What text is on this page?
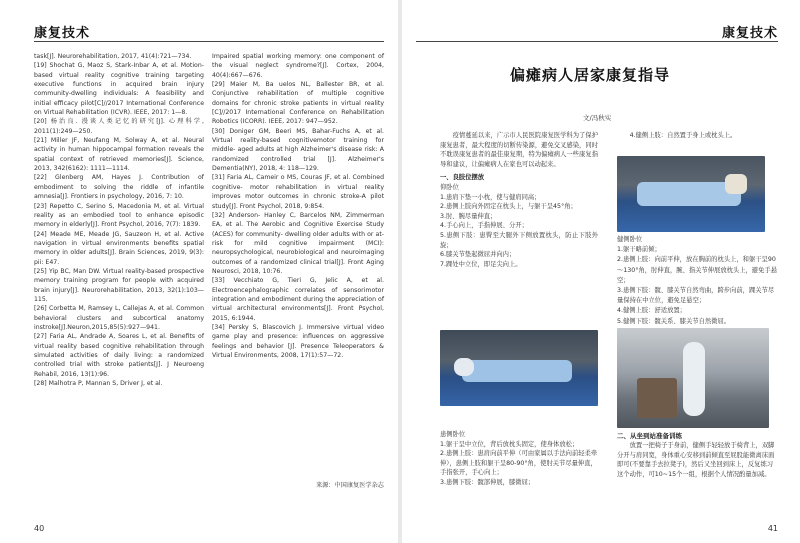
康复技术

task[J]. Neurorehabilitation, 2017, 41(4):721—734.

[19] Shochat G, Maoz S, Stark-Inbar A, et al. Motion-based virtual reality cognitive training targeting executive functions in acquired brain injury community-dwelling individuals: A feasibility and initial efficacy pilot[C]//2017 International Conference on Virtual Rehabilitation (ICVR). IEEE, 2017: 1—8.

[20] 杨治良. 漫谈人类记忆的研究[J]. 心理科学, 2011(1):249—250.

[21] Miller JF, Neufang M, Solway A, et al. Neural activity in human hippocampal formation reveals the spatial context of retrieved memories[J]. Science, 2013, 342(6162): 1111—1114.

[22] Glenberg AM, Hayes J. Contribution of embodiment to solving the riddle of infantile amnesia[J]. Frontiers in psychology, 2016, 7: 10.

[23] Repetto C, Serino S, Macedonia M, et al. Virtual reality as an embodied tool to enhance episodic memory in elderly[J]. Front Psychol, 2016, 7(7): 1839.

[24] Meade ME, Meade JG, Sauzeon H, et al. Active navigation in virtual environments benefits spatial memory in older adults[J]. Brain Sciences, 2019, 9(3): pii: E47.

[25] Yip BC, Man DW. Virtual reality-based prospective memory training program for people with acquired brain injury[J]. Neurorehabilitation, 2013, 32(1):103—115.

[26] Corbetta M, Ramsey L, Callejas A, et al. Common behavioral clusters and subcortical anatomy instroke[J].Neuron,2015,85(5):927—941.

[27] Faria AL, Andrade A, Soares L, et al. Benefits of virtual reality based cognitive rehabilitation through simulated activities of daily living: a randomized controlled trial with stroke patients[J]. J Neuroeng Rehabil, 2016, 13(1):96.

[28] Malhotra P, Mannan S, Driver J, et al.

Impaired spatial working memory: one component of the visual neglect syndrome?[J]. Cortex, 2004, 40(4):667—676.

[29] Maier M, Ba uelos NL, Ballester BR, et al. Conjunctive rehabilitation of multiple cognitive domains for chronic stroke patients in virtual reality [C]//2017 International Conference on Rehabilitation Robotics (ICORR). IEEE, 2017: 947—952.

[30] Doniger GM, Beeri MS, Bahar-Fuchs A, et al. Virtual reality-based cognitivemotor training for middle- aged adults at high Alzheimer's disease risk: A randomized controlled trial [J]. Alzheimer's Dementia(NY), 2018, 4: 118—129.

[31] Faria AL, Cameir o MS, Couras JF, et al. Combined cognitive- motor rehabilitation in virtual reality improves motor outcomes in chronic stroke-A pilot study[J]. Front Psychol, 2018, 9:854.

[32] Anderson- Hanley C, Barcelos NM, Zimmerman EA, et al. The Aerobic and Cognitive Exercise Study (ACES) for community- dwelling older adults with or at- risk for mild cognitive impairment (MCI): neuropsychological, neurobiological and neuroimaging outcomes of a randomized clinical trial[J]. Front Aging Neurosci, 2018, 10:76.

[33] Vecchiato G, Tieri G, Jelic A, et al. Electroencephalographic correlates of sensorimotor integration and embodiment during the appreciation of virtual architectural environments[J]. Front Psychol, 2015, 6:1944.

[34] Persky S, Blascovich J. Immersive virtual video game play and presence: influences on aggressive feelings and behavior [J]. Presence Teleoperators & Virtual Environments, 2008, 17(1):57—72.

来源：中国康复医学杂志
40
康复技术
偏瘫病人居家康复指导
文/冯秋实

疫情蔓延以来，广示市人民医院康复医学科为了保护康复患者，最大程度的切断传染源，避免交叉感染，同时不耽误康复患者的最佳康复期，特为偏瘫病人一些康复指导和建议，让偏瘫病人在家也可以动起来。

一、良肢位摆放

仰卧位

1.患肩下垫一小枕，使与健肩同高；

2.患侧上肢向外固定在枕头上，与躯干呈45°角；

3.肘、腕尽量伸直；

4.手心向上，手指伸展、分开；

5.患侧下肢：患臀至大腿外下侧放置枕头，防止下肢外旋；

6.膝关节垫起微屈并向内；

7.踝处中立位，即足尖向上。

患侧卧位

1.躯干呈中立位，背后放枕头固定，使身体放松；

2.患侧上肢：患肩向前平伸（可由家属以手法向前轻柔牵伸），患侧上肢和躯干呈80-90°角，使肘关节尽量伸直，手指张开，手心向上；

3.患侧下肢：髋部伸展，膝微屈；

4.健侧上肢：自然置于身上或枕头上。

健侧卧位

1.躯干略前倾；

2.患侧上肢：向前平伸，放在胸前的枕头上，和躯干呈90～130°角，肘伸直，腕、指关节伸展放枕头上，避免手悬空；

3.患侧下肢：髋、膝关节自然弯曲，跨步向前，踝关节尽量保持在中立位，避免足悬空；

4.健侧上肢：舒适放置；

5.健侧下肢：髋关系、膝关节自然微屈。

二、从坐到站准备训练

放置一把椅子于身前，健侧手轻轻放于椅背上，双脚分开与肩同宽，身体重心安移到前倾直至屁股能微离床面即可(不要靠手去拉凳子)，然后又坐回到床上，反复练习这个动作，可10~15个一组，根据个人情况酌量加减。

41
